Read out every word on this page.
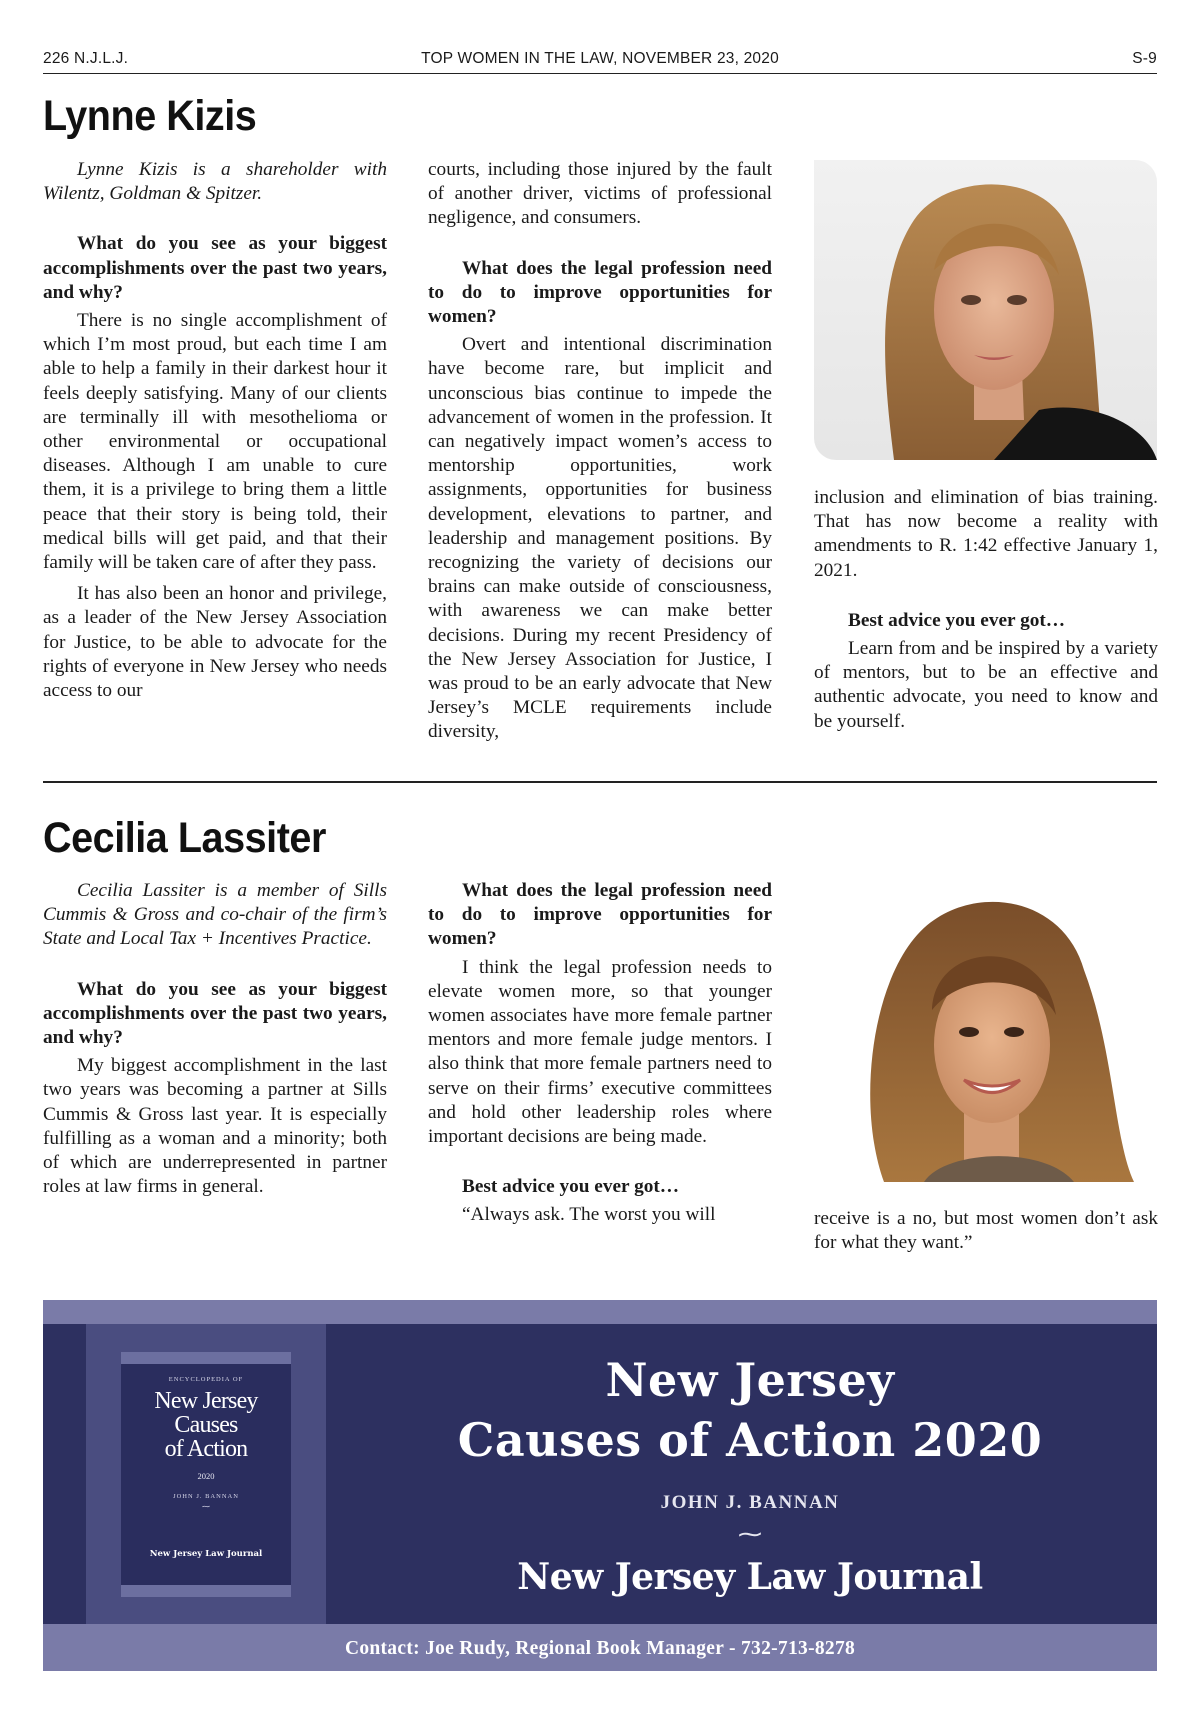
226 N.J.L.J.	TOP WOMEN IN THE LAW, NOVEMBER 23, 2020	S-9
Lynne Kizis

Lynne Kizis is a shareholder with Wilentz, Goldman & Spitzer.

What do you see as your biggest accomplishments over the past two years, and why?

There is no single accomplishment of which I’m most proud, but each time I am able to help a family in their darkest hour it feels deeply satisfying. Many of our clients are terminally ill with mesothelioma or other environmental or occupational diseases. Although I am unable to cure them, it is a privilege to bring them a little peace that their story is being told, their medical bills will get paid, and that their family will be taken care of after they pass.

It has also been an honor and privilege, as a leader of the New Jersey Association for Justice, to be able to advocate for the rights of everyone in New Jersey who needs access to our

courts, including those injured by the fault of another driver, victims of professional negligence, and consumers.

What does the legal profession need to do to improve opportunities for women?

Overt and intentional discrimination have become rare, but implicit and unconscious bias continue to impede the advancement of women in the profession. It can negatively impact women’s access to mentorship opportunities, work assignments, opportunities for business development, elevations to partner, and leadership and management positions. By recognizing the variety of decisions our brains can make outside of consciousness, with awareness we can make better decisions. During my recent Presidency of the New Jersey Association for Justice, I was proud to be an early advocate that New Jersey’s MCLE requirements include diversity,

inclusion and elimination of bias training. That has now become a reality with amendments to R. 1:42 effective January 1, 2021.

Best advice you ever got…

Learn from and be inspired by a variety of mentors, but to be an effective and authentic advocate, you need to know and be yourself.

Cecilia Lassiter

Cecilia Lassiter is a member of Sills Cummis & Gross and co-chair of the firm’s State and Local Tax + Incentives Practice.

What do you see as your biggest accomplishments over the past two years, and why?

My biggest accomplishment in the last two years was becoming a partner at Sills Cummis & Gross last year. It is especially fulfilling as a woman and a minority; both of which are underrepresented in partner roles at law firms in general.

What does the legal profession need to do to improve opportunities for women?

I think the legal profession needs to elevate women more, so that younger women associates have more female partner mentors and more female judge mentors. I also think that more female partners need to serve on their firms’ executive committees and hold other leadership roles where important decisions are being made.

Best advice you ever got…

“Always ask. The worst you will	receive is a no, but most women don’t ask for what they want.”

ENCYCLOPEDIA OF
New Jersey
Causes
of Action
2020
JOHN J. BANNAN
⁓
New Jersey Law Journal
New Jersey
Causes of Action 2020
JOHN J. BANNAN
⁓
New Jersey Law Journal
Contact: Joe Rudy, Regional Book Manager - 732-713-8278
